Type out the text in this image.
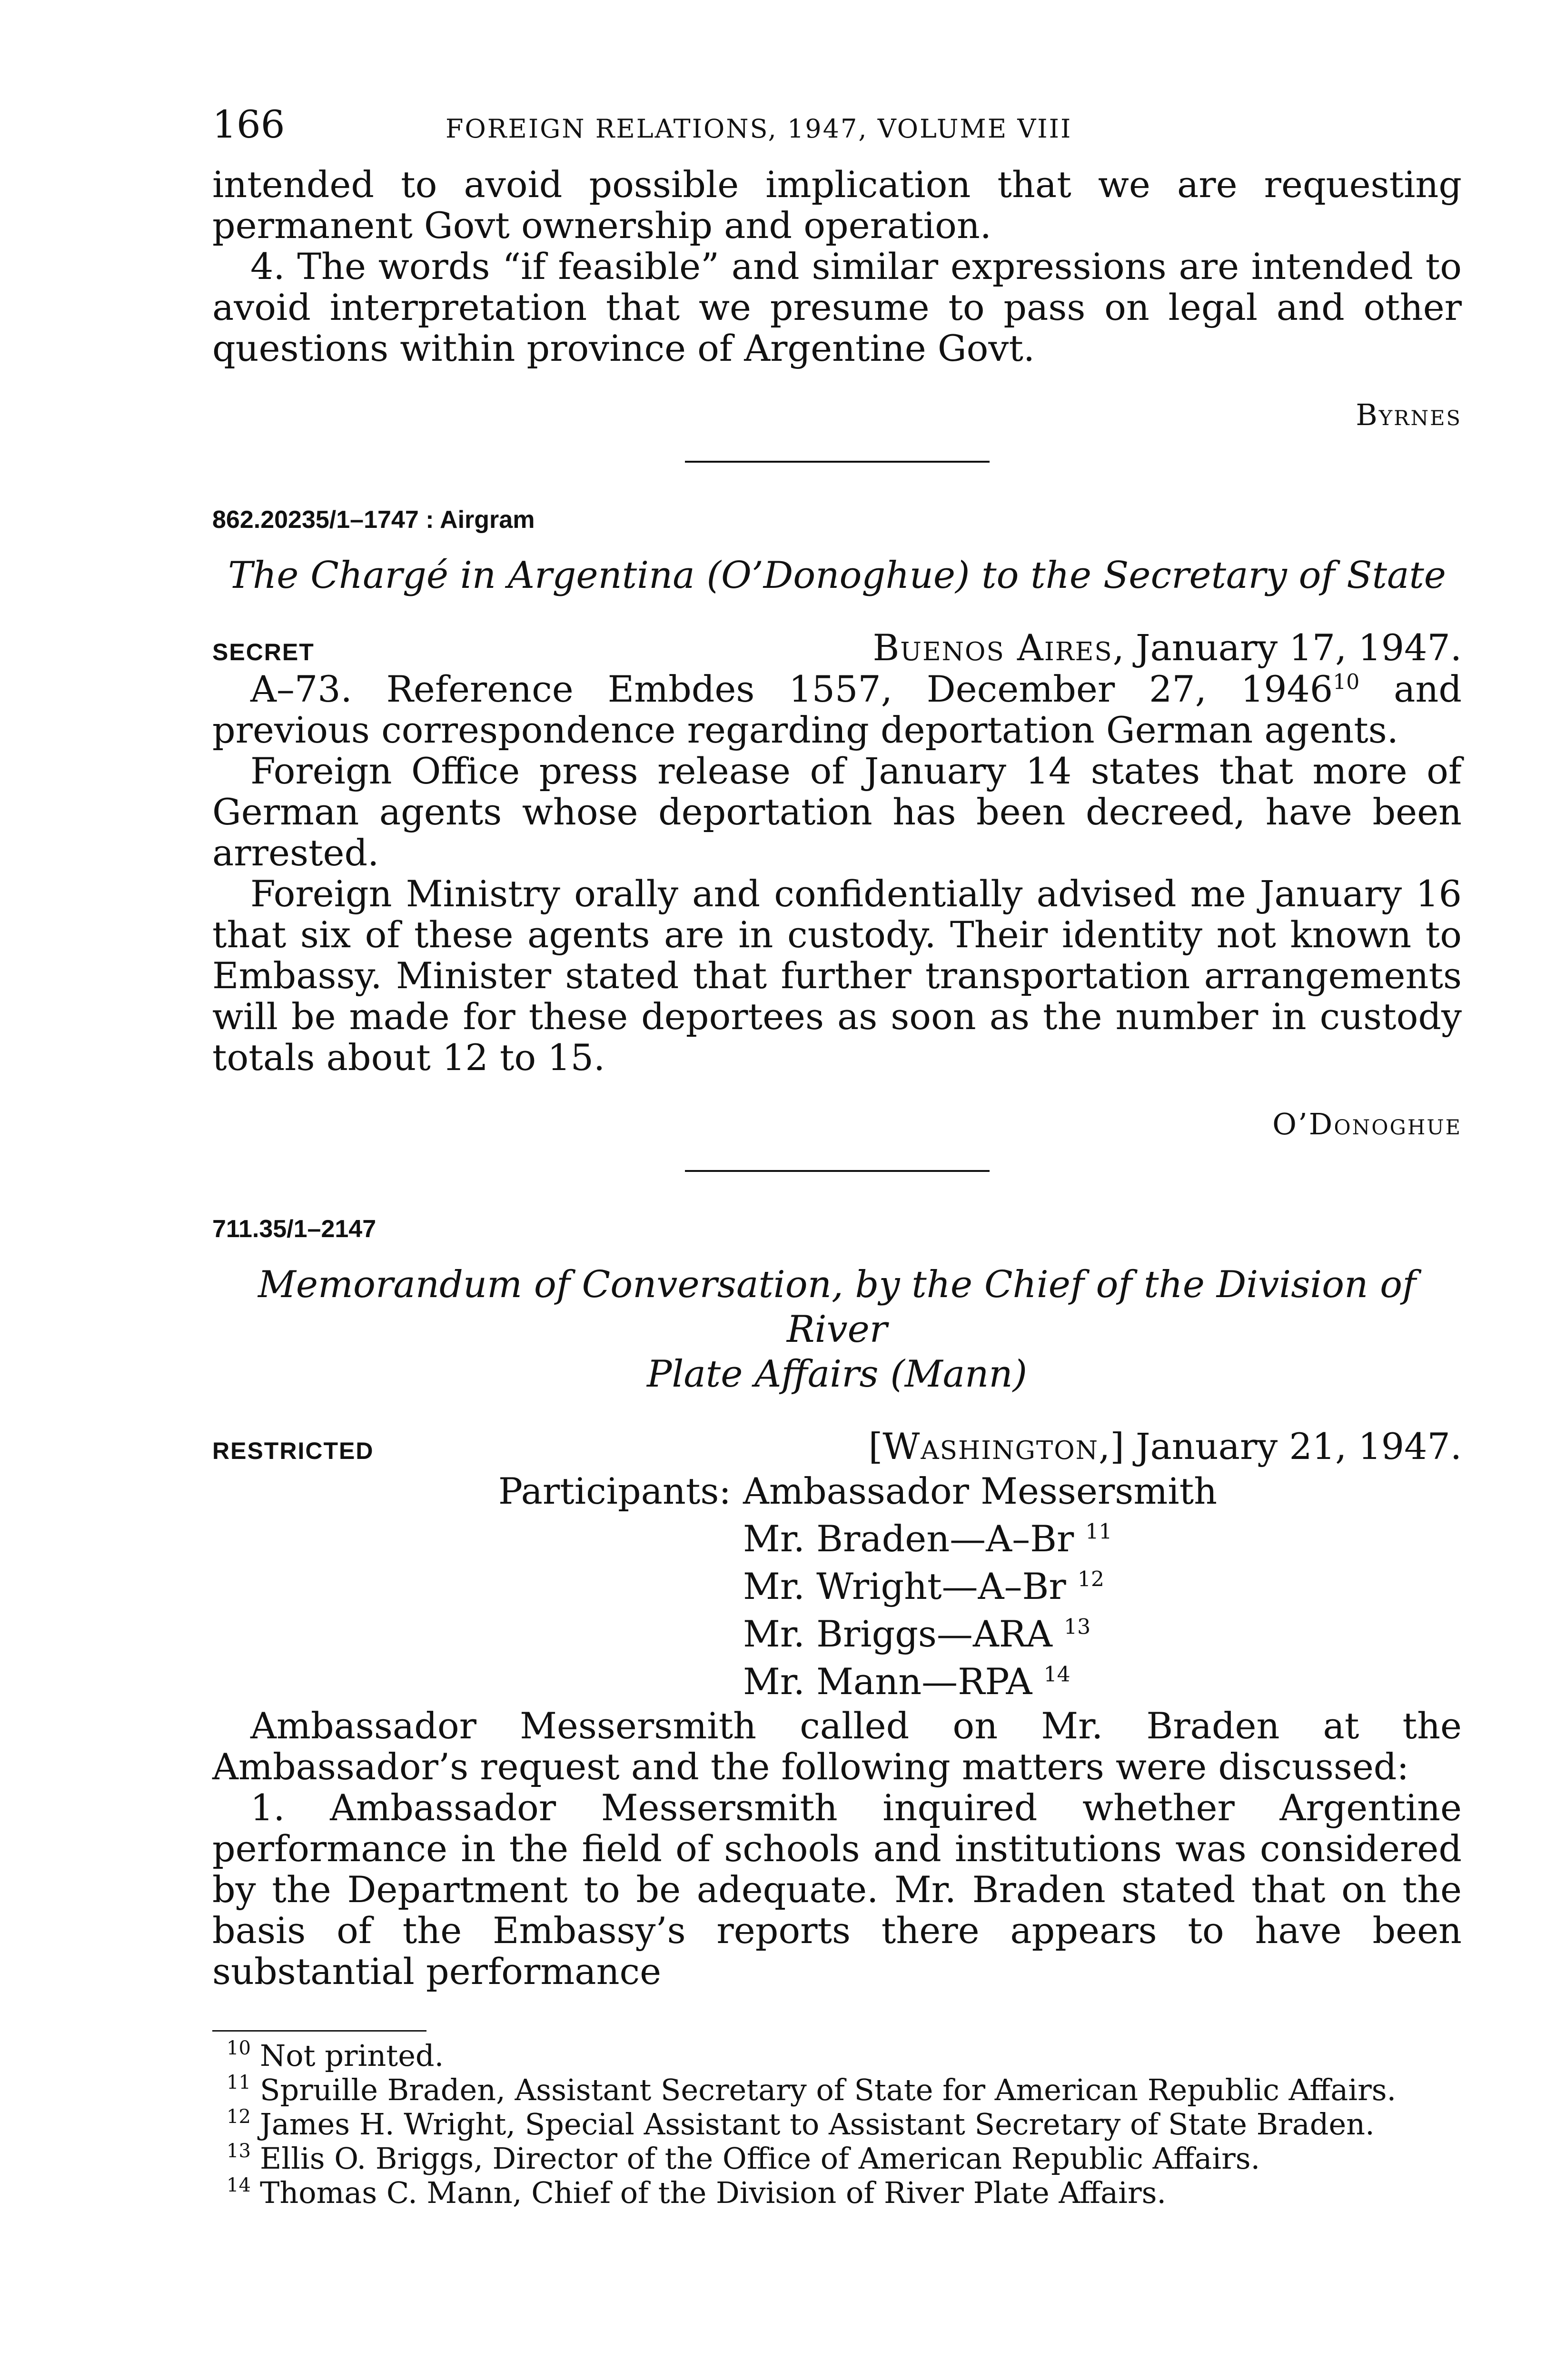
166	FOREIGN RELATIONS, 1947, VOLUME VIII

intended to avoid possible implication that we are requesting permanent Govt ownership and operation.

4. The words “if feasible” and similar expressions are intended to avoid interpretation that we presume to pass on legal and other questions within province of Argentine Govt.

Byrnes
862.20235/1–1747 : Airgram
The Chargé in Argentina (O’Donoghue) to the Secretary of State
SECRET	Buenos Aires, January 17, 1947.

A–73. Reference Embdes 1557, December 27, 1946$^{10}$ and previous correspondence regarding deportation German agents.

Foreign Office press release of January 14 states that more of German agents whose deportation has been decreed, have been arrested.

Foreign Ministry orally and confidentially advised me January 16 that six of these agents are in custody. Their identity not known to Embassy. Minister stated that further transportation arrangements will be made for these deportees as soon as the number in custody totals about 12 to 15.

O’Donoghue
711.35/1–2147
Memorandum of Conversation, by the Chief of the Division of River
Plate Affairs (Mann)
RESTRICTED	[Washington,] January 21, 1947.
Participants: Ambassador Messersmith
Mr. Braden—A–Br $^{11}$
Mr. Wright—A–Br $^{12}$
Mr. Briggs—ARA $^{13}$
Mr. Mann—RPA $^{14}$

Ambassador Messersmith called on Mr. Braden at the Ambassador’s request and the following matters were discussed:

1. Ambassador Messersmith inquired whether Argentine performance in the field of schools and institutions was considered by the Department to be adequate. Mr. Braden stated that on the basis of the Embassy’s reports there appears to have been substantial performance

10 Not printed.
11 Spruille Braden, Assistant Secretary of State for American Republic Affairs.
12 James H. Wright, Special Assistant to Assistant Secretary of State Braden.
13 Ellis O. Briggs, Director of the Office of American Republic Affairs.
14 Thomas C. Mann, Chief of the Division of River Plate Affairs.
